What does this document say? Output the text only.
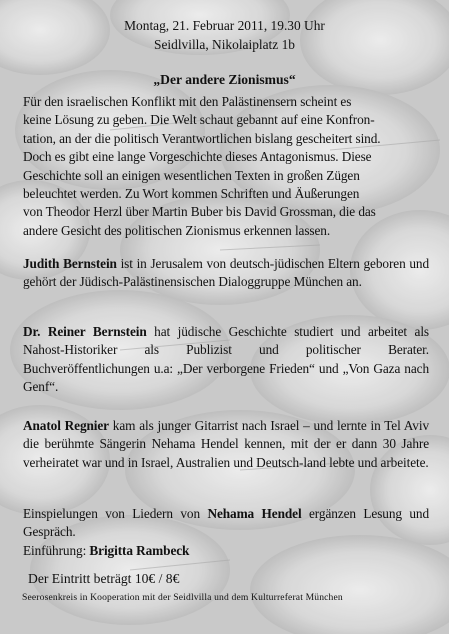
Montag, 21. Februar 2011, 19.30 Uhr
Seidlvilla, Nikolaiplatz 1b
„Der andere Zionismus“
Für den israelischen Konflikt mit den Palästinensern scheint es
keine Lösung zu geben. Die Welt schaut gebannt auf eine Konfron-
tation, an der die politisch Verantwortlichen bislang gescheitert sind.
Doch es gibt eine lange Vorgeschichte dieses Antagonismus. Diese
Geschichte soll an einigen wesentlichen Texten in großen Zügen
beleuchtet werden. Zu Wort kommen Schriften und Äußerungen
von Theodor Herzl über Martin Buber bis David Grossman, die das
andere Gesicht des politischen Zionismus erkennen lassen.
Judith Bernstein ist in Jerusalem von deutsch-jüdischen Eltern geboren und gehört der Jüdisch-Palästinensischen Dialoggruppe München an.
Dr. Reiner Bernstein hat jüdische Geschichte studiert und arbeitet als Nahost-Historiker als Publizist und politischer Berater. Buchveröffentlichungen u.a: „Der verborgene Frieden“ und „Von Gaza nach Genf“.
Anatol Regnier kam als junger Gitarrist nach Israel – und lernte in Tel Aviv die berühmte Sängerin Nehama Hendel kennen, mit der er dann 30 Jahre verheiratet war und in Israel, Australien und Deutsch-land lebte und arbeitete.
Einspielungen von Liedern von Nehama Hendel ergänzen Lesung und Gespräch.
Einführung: Brigitta Rambeck
Der Eintritt beträgt 10€ / 8€
Seerosenkreis in Kooperation mit der Seidlvilla und dem Kulturreferat München
